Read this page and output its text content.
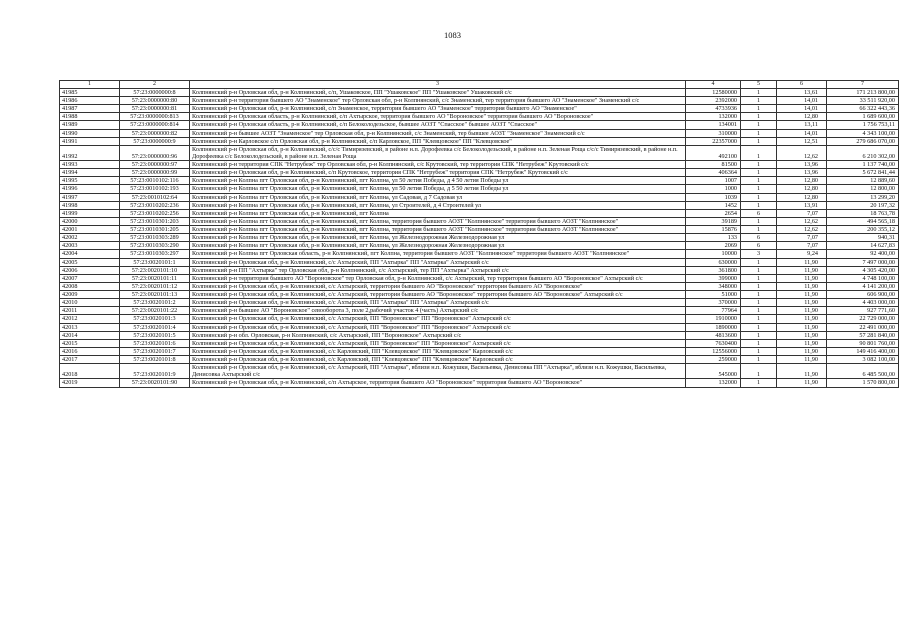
1083
1	2	3	4	5	6	7
41985	57:23:0000000:8	Колпнянский р-н Орловская обл, р-н Колпнянский, с/п, Ушаковское, ПП "Ушаковское" ПП "Ушаковское" Ушаковский с/с	12580000	1	13,61	171 213 800,00
41986	57:23:0000000:80	Колпнянский р-н территория бывшего АО "Знаменское" тер Орловская обл, р-н Колпнянский, с/с Знаменский, тер территория бывшего АО "Знаменское" Знаменский с/с	2392000	1	14,01	33 511 920,00
41987	57:23:0000000:81	Колпнянский р-н Орловская обл, р-н Колпнянский, с/п Знаменское, территория бывшего АО "Знаменское" территория бывшего АО "Знаменское"	4733936	1	14,01	66 322 443,36
41988	57:23:0000000:813	Колпнянский р-н Орловская область, р-н Колпнянский, с/п Ахтырское, территория бывшего АО "Вороновское" территория бывшего АО "Вороновское"	132000	1	12,80	1 689 600,00
41989	57:23:0000000:814	Колпнянский р-н Орловская область, р-н Колпнянский, с/п Белоколодезьское, бывшее АОЗТ "Спасское" бывшее АОЗТ "Спасское"	134001	1	13,11	1 756 753,11
41990	57:23:0000000:82	Колпнянский р-н бывшее АОЗТ "Знаменское" тер Орловская обл, р-н Колпнянский, с/с Знаменский, тер бывшее АОЗТ "Знаменское" Знаменский с/с	310000	1	14,01	4 343 100,00
41991	57:23:0000000:9	Колпнянский р-н Карловское с/п Орловская обл, р-н Колпнянский, с/п Карловское, ПП "Клевцовское" ПП "Клевцовское"	22357000	1	12,51	279 686 070,00
41992	57:23:0000000:96	Колпнянский р-н Орловская обл, р-н Колпнянский, с/с/с Тимирязевский, в районе н.п. Дорофеевка с/с Белоколодезьский, в районе н.п. Зеленая Роща с/с/с Тимирязевский, в районе н.п. Дорофеевка с/с Белоколодезьский, в районе н.п. Зеленая Роща	492100	1	12,62	6 210 302,00
41993	57:23:0000000:97	Колпнянский р-н территория СПК "Нетрубеж" тер Орловская обл, р-н Колпнянский, с/с Крутовский, тер территория СПК "Нетрубеж" Крутовский с/с	81500	1	13,96	1 137 740,00
41994	57:23:0000000:99	Колпнянский р-н Орловская обл, р-н Колпнянский, с/п Крутовское, территория СПК "Нетрубеж" территория СПК "Нетрубеж" Крутовский с/с	406364	1	13,96	5 672 841,44
41995	57:23:0010102:116	Колпнянский р-н Колпна пгт Орловская обл, р-н Колпнянский, пгт Колпна, ул 50 летия Победы, д 4 50 летия Победы ул	1007	1	12,80	12 889,60
41996	57:23:0010102:193	Колпнянский р-н Колпна пгт Орловская обл, р-н Колпнянский, пгт Колпна, ул 50 летия Победы, д 5 50 летия Победы ул	1000	1	12,80	12 800,00
41997	57:23:0010102:64	Колпнянский р-н Колпна пгт Орловская обл, р-н Колпнянский, пгт Колпна, ул Садовая, д 7 Садовая ул	1039	1	12,80	13 299,20
41998	57:23:0010202:236	Колпнянский р-н Колпна пгт Орловская обл, р-н Колпнянский, пгт Колпна, ул Строителей, д 4 Строителей ул	1452	1	13,91	20 197,32
41999	57:23:0010202:256	Колпнянский р-н Колпна пгт Орловская обл, р-н Колпнянский, пгт Колпна	2654	6	7,07	18 763,78
42000	57:23:0010301:203	Колпнянский р-н Колпна пгт Орловская обл, р-н Колпнянский, пгт Колпна, территория бывшего АОЗТ "Колпнянское" территория бывшего АОЗТ "Колпнянское"	39189	1	12,62	494 565,18
42001	57:23:0010301:205	Колпнянский р-н Колпна пгт Орловская обл, р-н Колпнянский, пгт Колпна, территория бывшего АОЗТ "Колпнянское" территория бывшего АОЗТ "Колпнянское"	15876	1	12,62	200 355,12
42002	57:23:0010303:289	Колпнянский р-н Колпна пгт Орловская обл, р-н Колпнянский, пгт Колпна, ул Железнодорожная Железнодорожная ул	133	6	7,07	940,31
42003	57:23:0010303:290	Колпнянский р-н Колпна пгт Орловская обл, р-н Колпнянский, пгт Колпна, ул Железнодорожная Железнодорожная ул	2069	6	7,07	14 627,83
42004	57:23:0010303:297	Колпнянский р-н Колпна пгт Орловская область, р-н Колпнянский, пгт Колпна, территория бывшего АОЗТ "Колпнянское" территория бывшего АОЗТ "Колпнянское"	10000	3	9,24	92 400,00
42005	57:23:0020101:1	Колпнянский р-н Орловская обл, р-н Колпнянский, с/с Ахтырский, ПП "Ахтырка" ПП "Ахтырка" Ахтырский с/с	630000	1	11,90	7 497 000,00
42006	57:23:0020101:10	Колпнянский р-н ПП "Ахтырка" тер Орловская обл, р-н Колпнянский, с/с Ахтырский, тер ПП "Ахтырка" Ахтырский с/с	361800	1	11,90	4 305 420,00
42007	57:23:0020101:11	Колпнянский р-н территория бывшего АО "Вороновское" тер Орловская обл, р-н Колпнянский, с/с Ахтырский, тер территория бывшего АО "Вороновское" Ахтырский с/с	399000	1	11,90	4 748 100,00
42008	57:23:0020101:12	Колпнянский р-н Орловская обл, р-н Колпнянский, с/с Ахтырский, территория бывшего АО "Вороновское" территория бывшего АО "Вороновское"	348000	1	11,90	4 141 200,00
42009	57:23:0020101:13	Колпнянский р-н Орловская обл, р-н Колпнянский, с/с Ахтырский, территория бывшего АО "Вороновское" территория бывшего АО "Вороновское" Ахтырский с/с	51000	1	11,90	606 900,00
42010	57:23:0020101:2	Колпнянский р-н Орловская обл, р-н Колпнянский, с/с Ахтырский, ПП "Ахтырка" ПП "Ахтырка" Ахтырский с/с	370000	1	11,90	4 403 000,00
42011	57:23:0020101:22	Колпнянский р-н бывшее АО "Вороновское" севооборота 3, поле 2,рабочий участок 4 (часть) Ахтырский с/с	77964	1	11,90	927 771,60
42012	57:23:0020101:3	Колпнянский р-н Орловская обл, р-н Колпнянский, с/с Ахтырский, ПП "Вороновское" ПП "Вороновское" Ахтырский с/с	1910000	1	11,90	22 729 000,00
42013	57:23:0020101:4	Колпнянский р-н Орловская обл, р-н Колпнянский, с/с Ахтырский, ПП "Вороновское" ПП "Вороновское" Ахтырский с/с	1890000	1	11,90	22 491 000,00
42014	57:23:0020101:5	Колпнянский р-н обл. Орловская, р-н Колпнянский, с/с Ахтырский, ПП "Вороновское" Ахтырский с/с	4813600	1	11,90	57 281 840,00
42015	57:23:0020101:6	Колпнянский р-н Орловская обл, р-н Колпнянский, с/с Ахтырский, ПП "Вороновское" ПП "Вороновское" Ахтырский с/с	7630400	1	11,90	90 801 760,00
42016	57:23:0020101:7	Колпнянский р-н Орловская обл, р-н Колпнянский, с/с Карловский, ПП "Клевцовское" ПП "Клевцовское" Карловский с/с	12556000	1	11,90	149 416 400,00
42017	57:23:0020101:8	Колпнянский р-н Орловская обл, р-н Колпнянский, с/с Карловский, ПП "Клевцовское" ПП "Клевцовское" Карловский с/с	259000	1	11,90	3 082 100,00
42018	57:23:0020101:9	Колпнянский р-н Орловская обл, р-н Колпнянский, с/с Ахтырский, ПП "Ахтырка", вблизи н.п. Кожушки, Васильевка, Денисовка ПП "Ахтырка", вблизи н.п. Кожушки, Васильевка, Денисовка Ахтырский с/с	545000	1	11,90	6 485 500,00
42019	57:23:0020101:90	Колпнянский р-н Орловская обл, р-н Колпнянский, с/п Ахтырское, территория бывшего АО "Вороновское" территория бывшего АО "Вороновское"	132000	1	11,90	1 570 800,00
